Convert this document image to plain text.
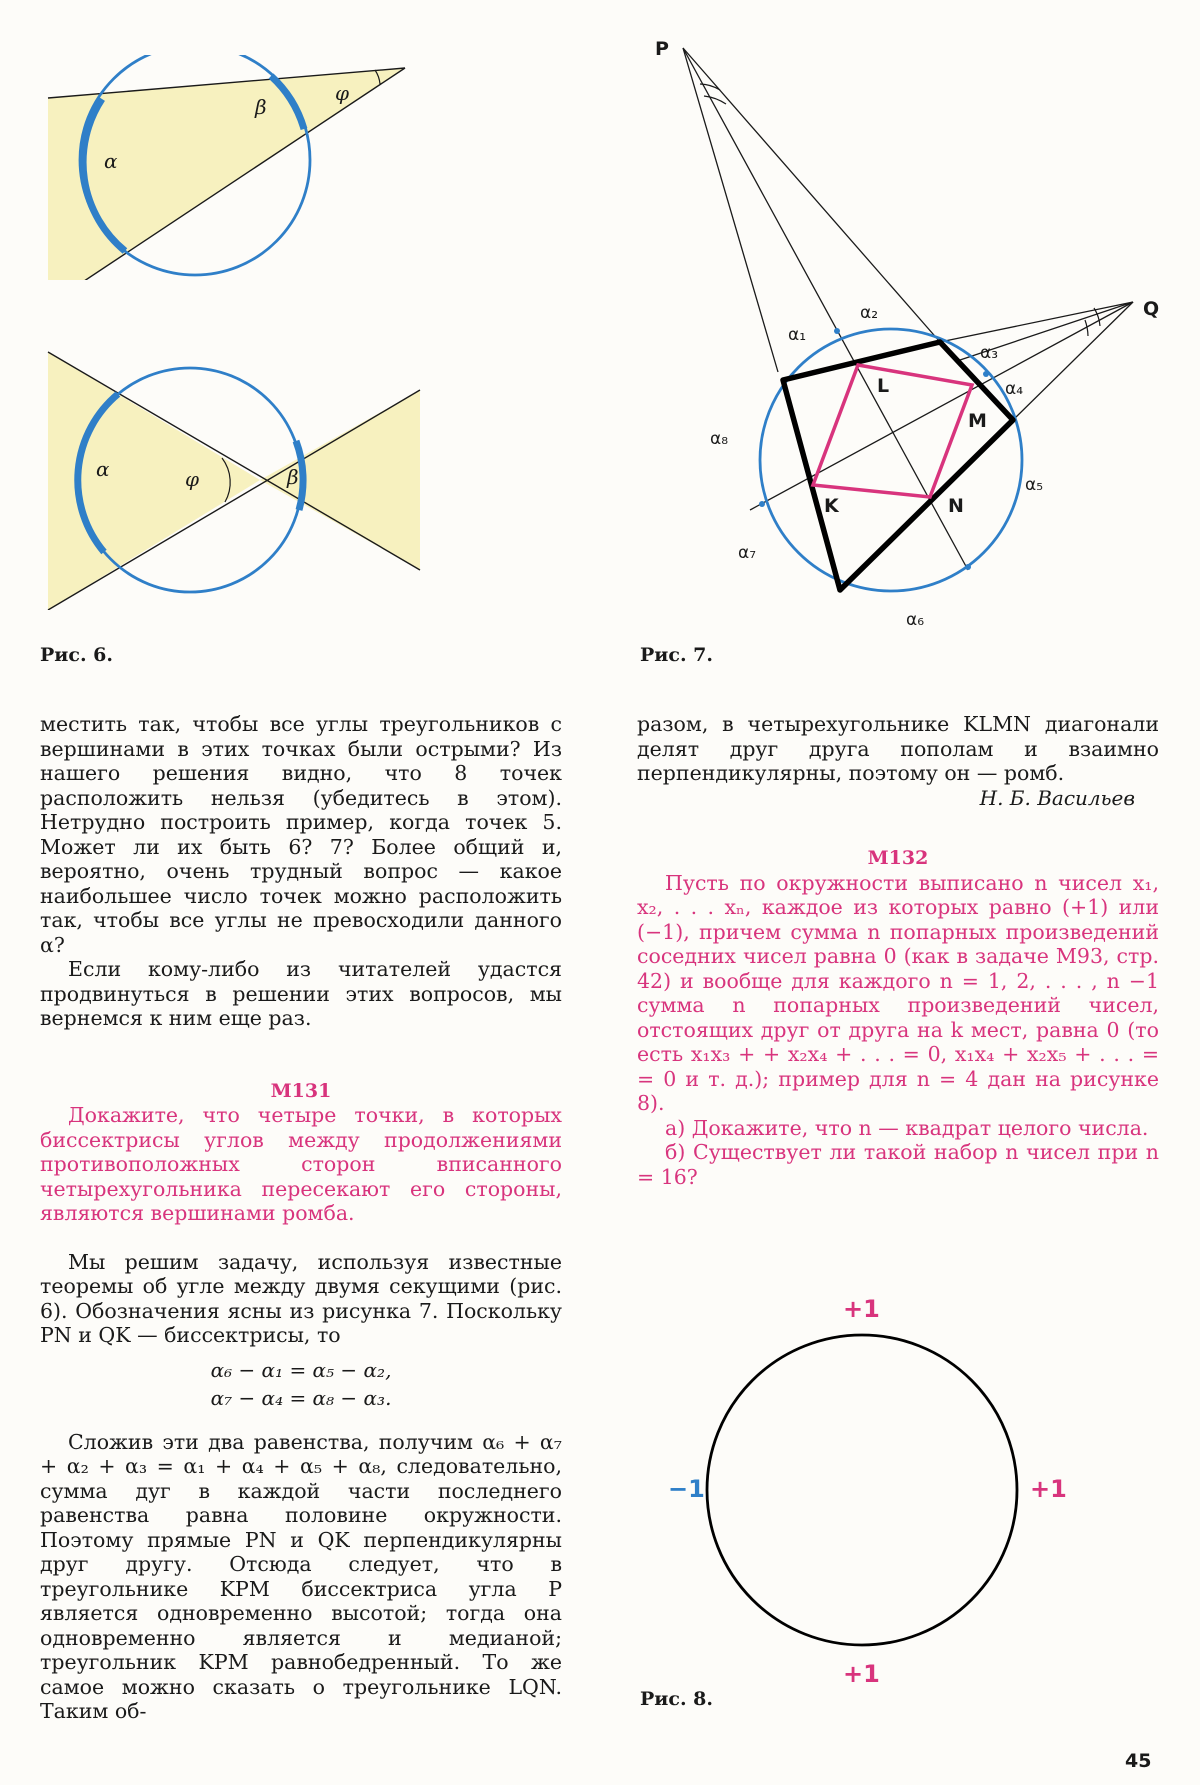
α
β
φ
α	φ	β
Рис. 6.
P
Q
K
L
M
N
α₁
α₂
α₃
α₄
α₅
α₆
α₇
α₈
Рис. 7.

местить так, чтобы все углы треугольников с вершинами в этих точках были острыми? Из нашего решения видно, что 8 точек расположить нельзя (убедитесь в этом). Нетрудно построить пример, когда точек 5. Может ли их быть 6? 7? Более общий и, вероятно, очень трудный вопрос — какое наибольшее число точек можно расположить так, чтобы все углы не превосходили данного α?

Если кому-либо из читателей удастся продвинуться в решении этих вопросов, мы вернемся к ним еще раз.

М131

Докажите, что четыре точки, в которых биссектрисы углов между продолжениями противоположных сторон вписанного четырехугольника пересекают его стороны, являются вершинами ромба.

Мы решим задачу, используя известные теоремы об угле между двумя секущими (рис. 6). Обозначения ясны из рисунка 7. Поскольку PN и QK — биссектрисы, то

α₆ − α₁ = α₅ − α₂,
α₇ − α₄ = α₈ − α₃.

Сложив эти два равенства, получим α₆ + α₇ + α₂ + α₃ = α₁ + α₄ + α₅ + α₈, следовательно, сумма дуг в каждой части последнего равенства равна половине окружности. Поэтому прямые PN и QK перпендикулярны друг другу. Отсюда следует, что в треугольнике KPM биссектриса угла P является одновременно высотой; тогда она одновременно является и медианой; треугольник KPM равнобедренный. То же самое можно сказать о треугольнике LQN. Таким об-

разом, в четырехугольнике KLMN диагонали делят друг друга пополам и взаимно перпендикулярны, поэтому он — ромб.

Н. Б. Васильев

М132

Пусть по окружности выписано n чисел x₁, x₂, . . . xₙ, каждое из которых равно (+1) или (−1), причем сумма n попарных произведений соседних чисел равна 0 (как в задаче М93, стр. 42) и вообще для каждого n = 1, 2, . . . , n −1 сумма n попарных произведений чисел, отстоящих друг от друга на k мест, равна 0 (то есть x₁x₃ + + x₂x₄ + . . . = 0, x₁x₄ + x₂x₅ + . . . = = 0 и т. д.); пример для n = 4 дан на рисунке 8).

а) Докажите, что n — квадрат целого числа.

б) Существует ли такой набор n чисел при n = 16?

+1
+1
+1
−1
Рис. 8.
45
